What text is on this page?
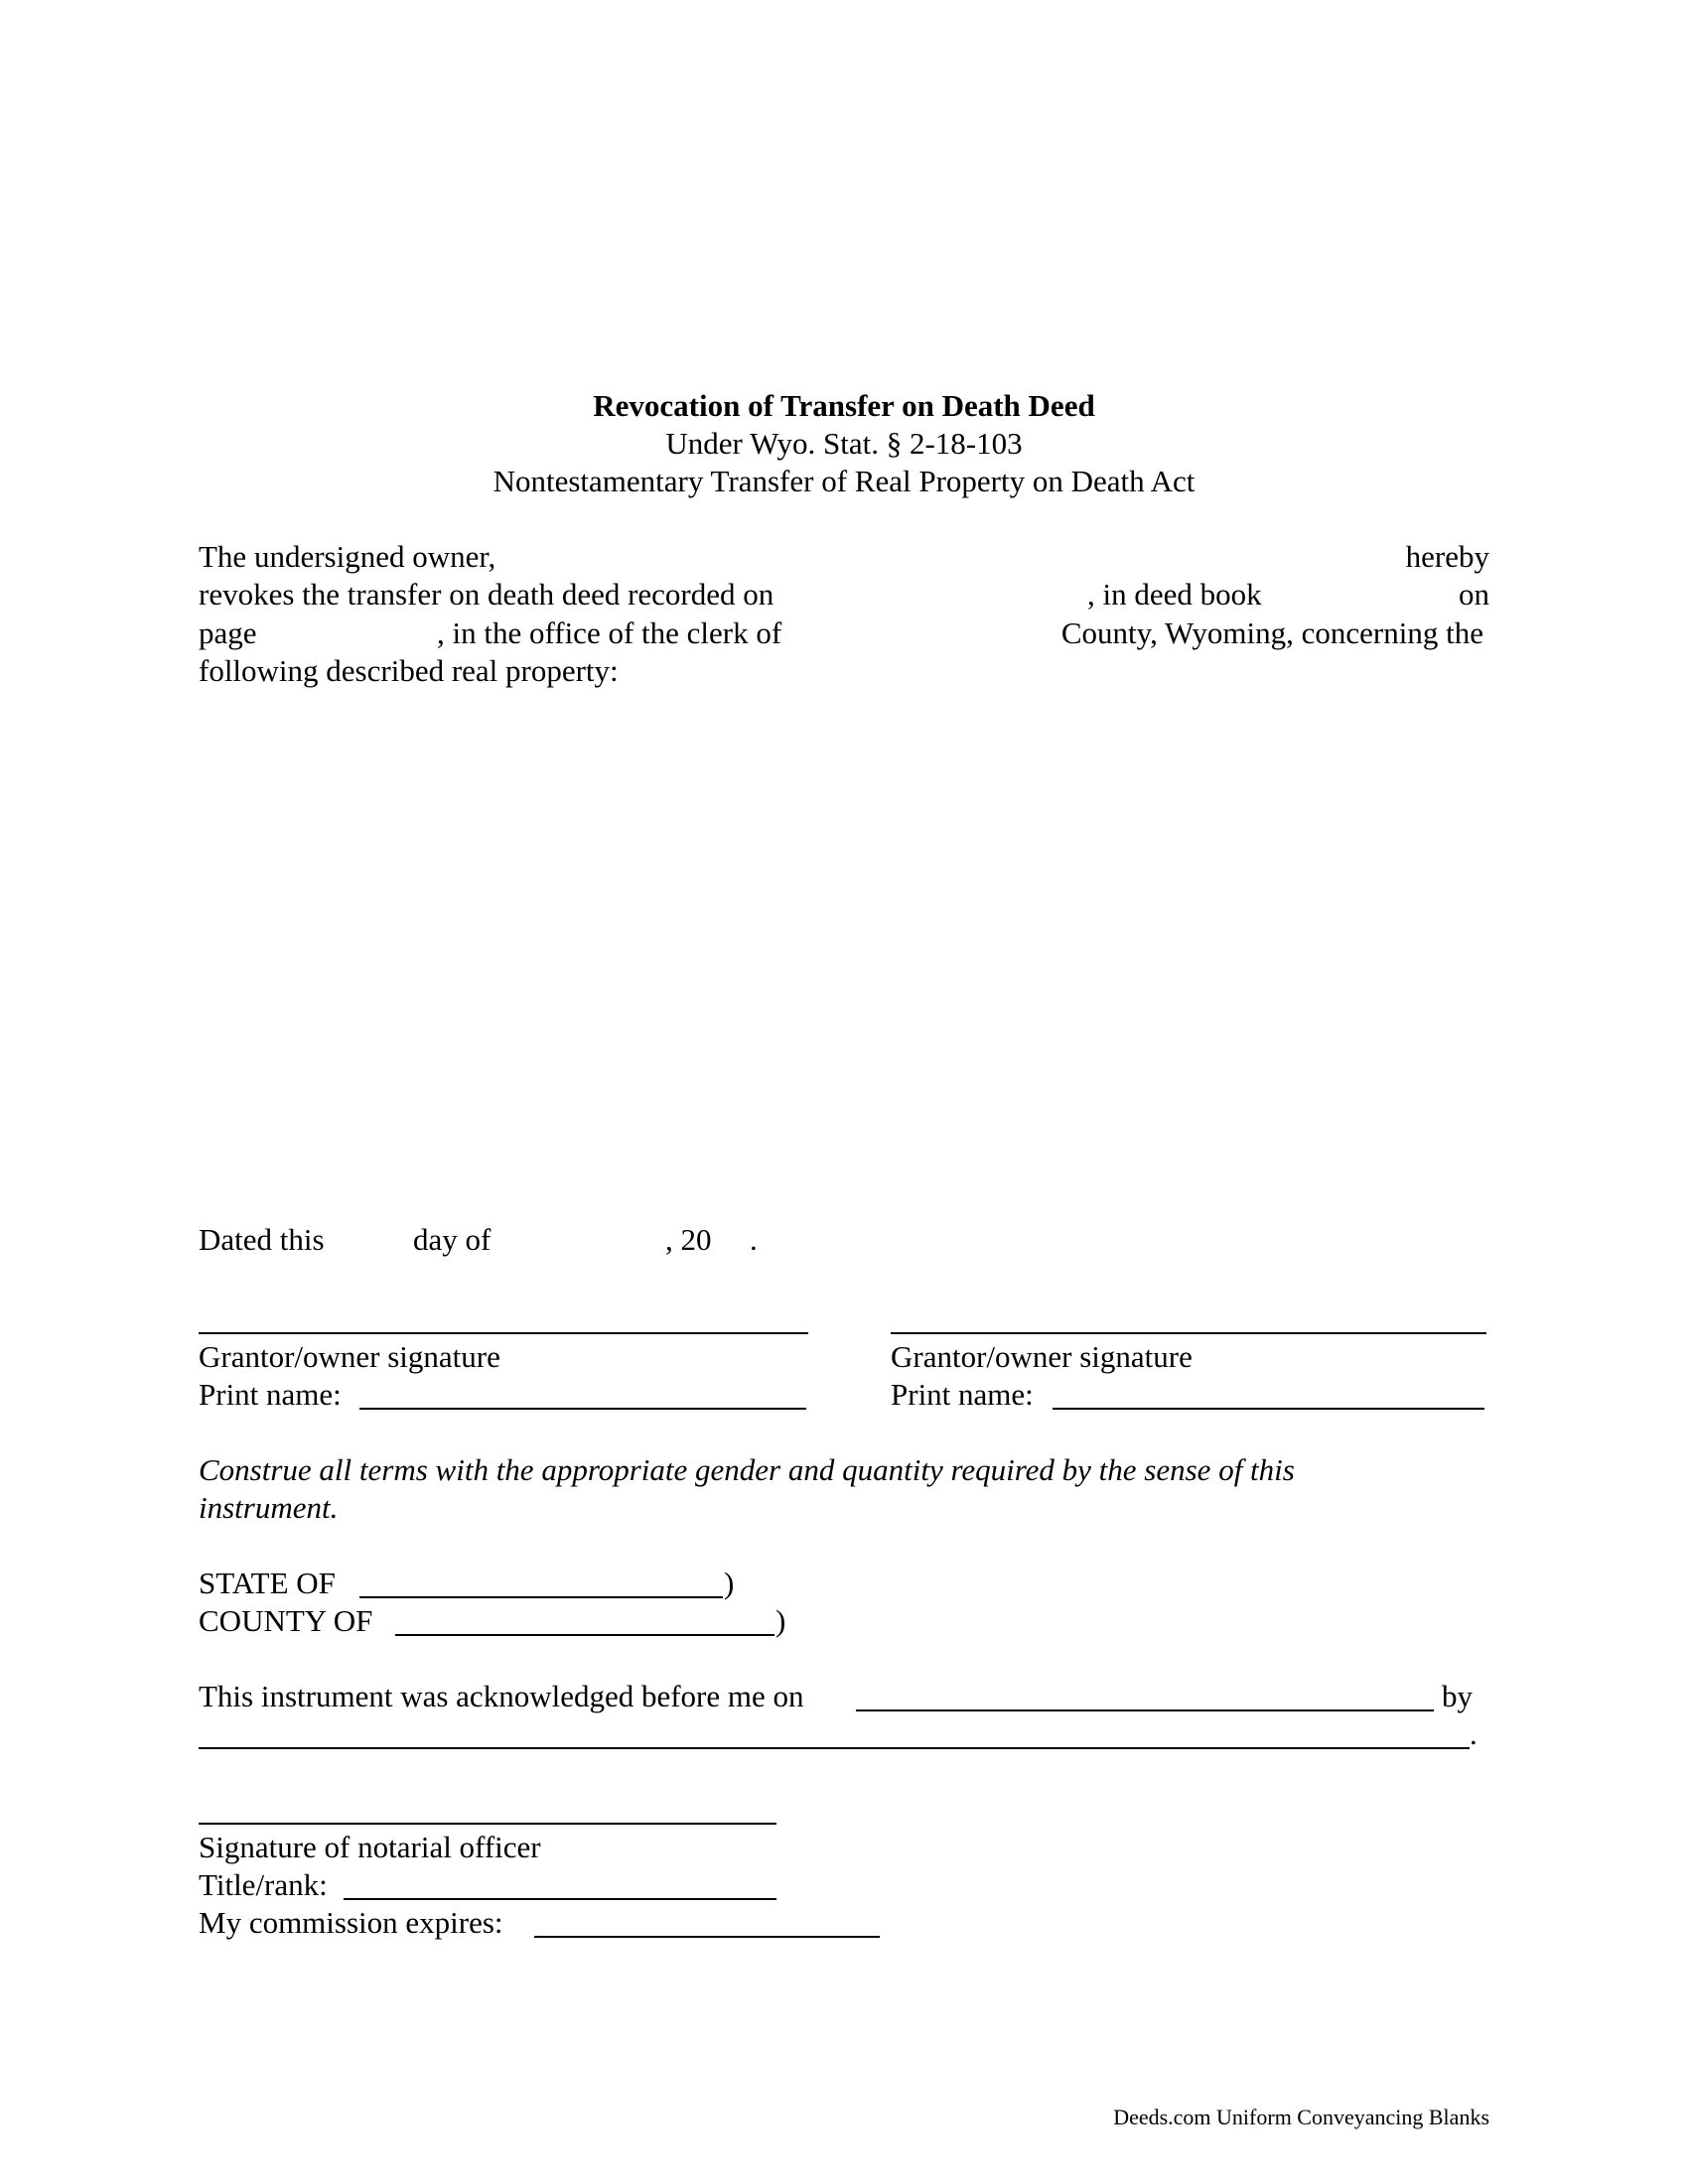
Revocation of Transfer on Death Deed
Under Wyo. Stat. § 2-18-103
Nontestamentary Transfer of Real Property on Death Act
The undersigned owner,	hereby
revokes the transfer on death deed recorded on	, in deed book	on
page	, in the office of the clerk of	County, Wyoming, concerning the
following described real property:
Dated this	day of	, 20 .
Grantor/owner signature	Grantor/owner signature
Print name:	Print name:
Construe all terms with the appropriate gender and quantity required by the sense of this
instrument.
STATE OF	)
COUNTY OF	)
This instrument was acknowledged before me on	by
.
Signature of notarial officer
Title/rank:
My commission expires:
Deeds.com Uniform Conveyancing Blanks
